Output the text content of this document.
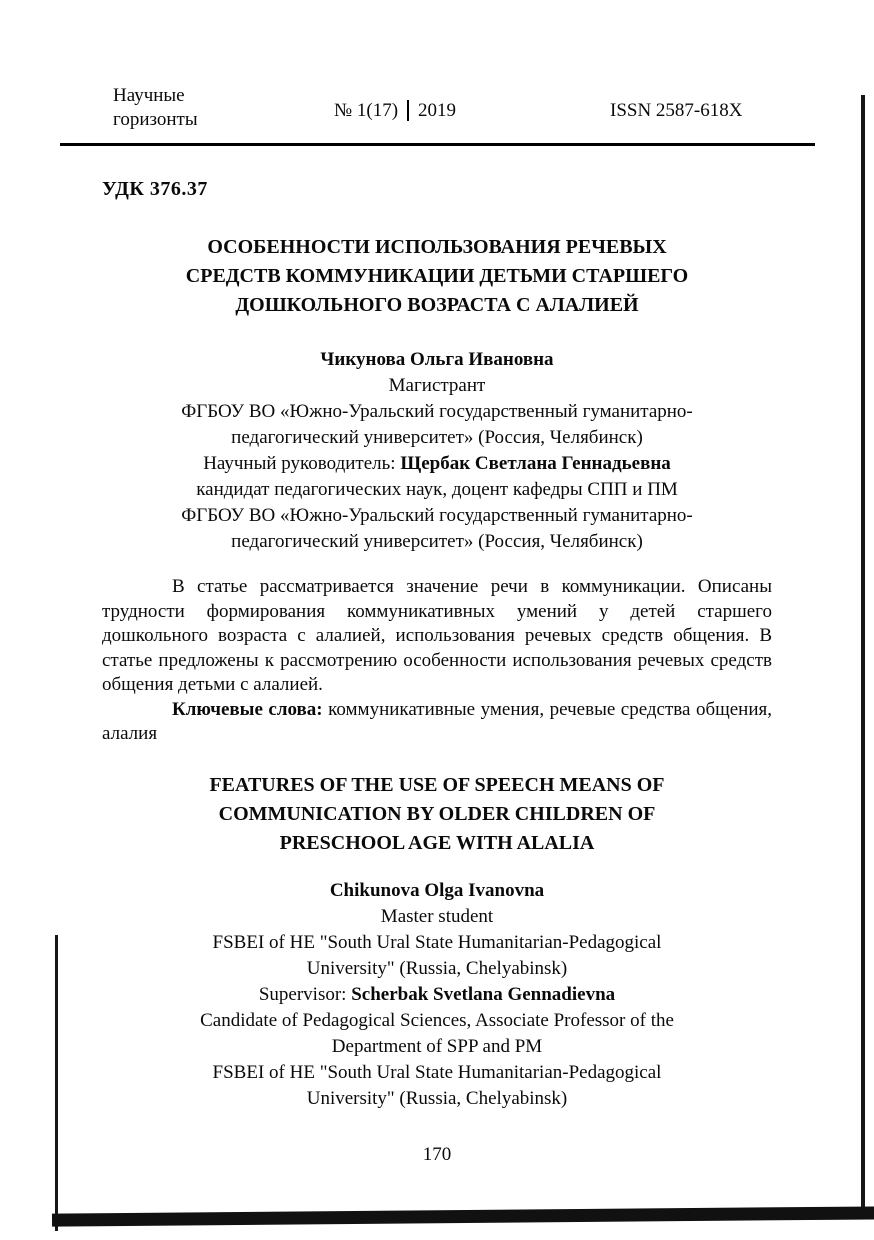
Научные
горизонты	№ 1(17) 2019	ISSN 2587-618X
УДК 376.37
ОСОБЕННОСТИ ИСПОЛЬЗОВАНИЯ РЕЧЕВЫХ
СРЕДСТВ КОММУНИКАЦИИ ДЕТЬМИ СТАРШЕГО
ДОШКОЛЬНОГО ВОЗРАСТА С АЛАЛИЕЙ
Чикунова Ольга Ивановна
Магистрант
ФГБОУ ВО «Южно-Уральский государственный гуманитарно-
педагогический университет» (Россия, Челябинск)
Научный руководитель: Щербак Светлана Геннадьевна
кандидат педагогических наук, доцент кафедры СПП и ПМ
ФГБОУ ВО «Южно-Уральский государственный гуманитарно-
педагогический университет» (Россия, Челябинск)

В статье рассматривается значение речи в коммуникации. Описаны трудности формирования коммуникативных умений у детей старшего дошкольного возраста с алалией, использования речевых средств общения. В статье предложены к рассмотрению особенности использования речевых средств общения детьми с алалией.

Ключевые слова: коммуникативные умения, речевые средства общения, алалия

FEATURES OF THE USE OF SPEECH MEANS OF
COMMUNICATION BY OLDER CHILDREN OF
PRESCHOOL AGE WITH ALALIA
Chikunova Olga Ivanovna
Master student
FSBEI of HE "South Ural State Humanitarian-Pedagogical
University" (Russia, Chelyabinsk)
Supervisor: Scherbak Svetlana Gennadievna
Candidate of Pedagogical Sciences, Associate Professor of the
Department of SPP and PM
FSBEI of HE "South Ural State Humanitarian-Pedagogical
University" (Russia, Chelyabinsk)
170
